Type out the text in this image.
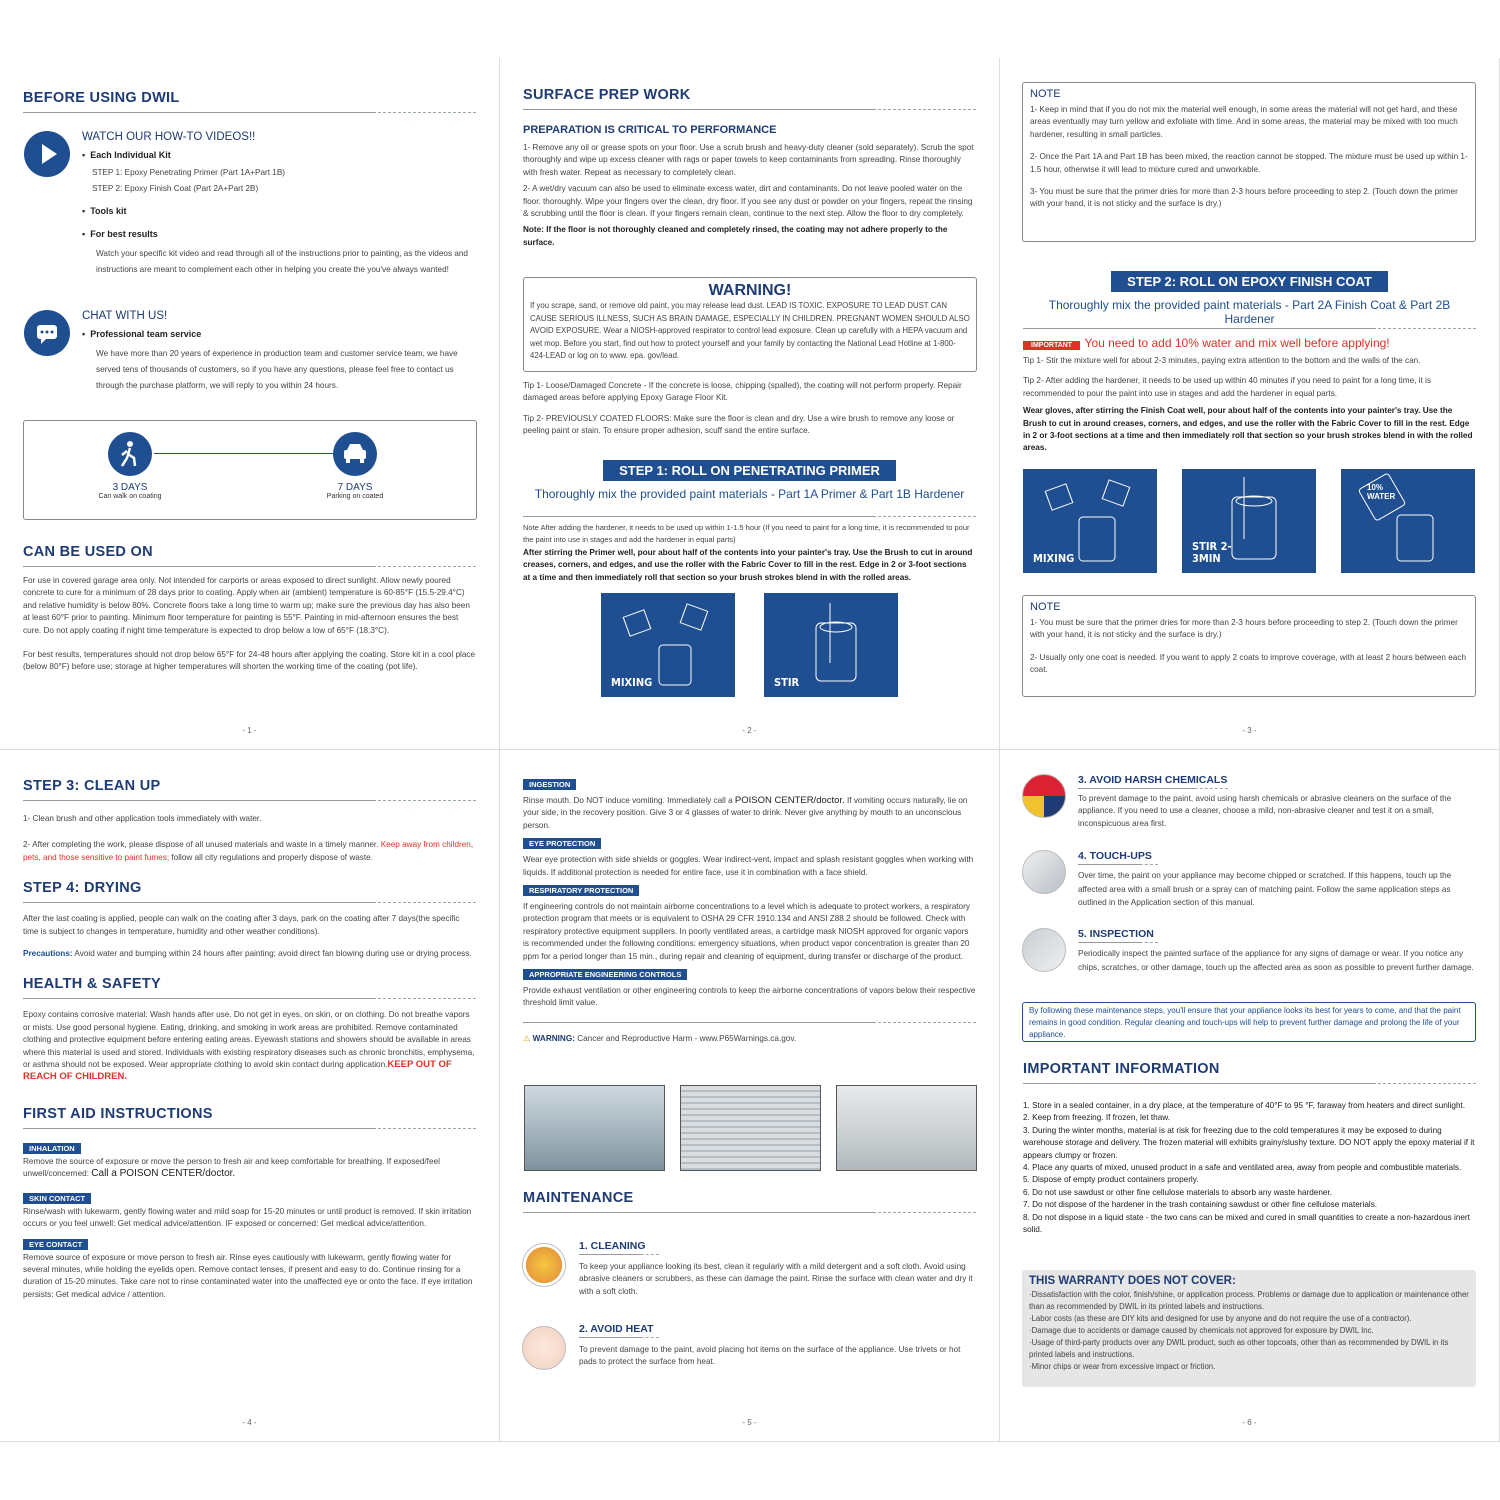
BEFORE USING DWIL
WATCH OUR HOW-TO VIDEOS!!
▪  Each Individual Kit
STEP 1: Epoxy Penetrating Primer (Part 1A+Part 1B)
STEP 2: Epoxy Finish Coat (Part 2A+Part 2B)
▪  Tools kit
▪  For best results
Watch your specific kit video and read through all of the instructions prior to painting, as the videos and instructions are meant to complement each other in helping you create the you've always wanted!
CHAT WITH US!
▪  Professional team service
We have more than 20 years of experience in production team and customer service team, we have served tens of thousands of customers, so if you have any questions, please feel free to contact us through the purchase platform, we will reply to you within 24 hours.
3 DAYS
Can walk on coating
7 DAYS
Parking on coated
CAN BE USED ON
For use in covered garage area only. Not intended for carports or areas exposed to direct sunlight. Allow newly poured concrete to cure for a minimum of 28 days prior to coating. Apply when air (ambient) temperature is 60-85°F (15.5-29.4°C) and relative humidity is below 80%. Concrete floors take a long time to warm up; make sure the previous day has also been at least 60°F prior to painting. Minimum floor temperature for painting is 55°F. Painting in mid-afternoon ensures the best cure. Do not apply coating if night time temperature is expected to drop below a low of 65°F (18.3°C).
For best results, temperatures should not drop below 65°F for 24-48 hours after applying the coating. Store kit in a cool place (below 80°F) before use; storage at higher temperatures will shorten the working time of the coating (pot life).
- 1 -
SURFACE PREP WORK
PREPARATION IS CRITICAL TO PERFORMANCE
1- Remove any oil or grease spots on your floor. Use a scrub brush and heavy-duty cleaner (sold separately). Scrub the spot thoroughly and wipe up excess cleaner with rags or paper towels to keep contaminants from spreading. Rinse thoroughly with fresh water. Repeat as necessary to completely clean.
2- A wet/dry vacuum can also be used to eliminate excess water, dirt and contaminants. Do not leave pooled water on the floor. thoroughly. Wipe your fingers over the clean, dry floor. If you see any dust or powder on your fingers, repeat the rinsing & scrubbing until the floor is clean. If your fingers remain clean, continue to the next step. Allow the floor to dry completely.
Note: If the floor is not thoroughly cleaned and completely rinsed, the coating may not adhere properly to the surface.
WARNING!
If you scrape, sand, or remove old paint, you may release lead dust. LEAD IS TOXIC. EXPOSURE TO LEAD DUST CAN CAUSE SERIOUS ILLNESS, SUCH AS BRAIN DAMAGE, ESPECIALLY IN CHILDREN. PREGNANT WOMEN SHOULD ALSO AVOID EXPOSURE. Wear a NIOSH-approved respirator to control lead exposure. Clean up carefully with a HEPA vacuum and wet mop. Before you start, find out how to protect yourself and your family by contacting the National Lead Hotline at 1-800-424-LEAD or log on to www. epa. gov/lead.
Tip 1- Loose/Damaged Concrete - If the concrete is loose, chipping (spalled), the coating will not perform properly. Repair damaged areas before applying Epoxy Garage Floor Kit.
Tip 2- PREVIOUSLY COATED FLOORS: Make sure the floor is clean and dry. Use a wire brush to remove any loose or peeling paint or stain. To ensure proper adhesion, scuff sand the entire surface.
STEP 1: ROLL ON PENETRATING PRIMER
Thoroughly mix the provided paint materials - Part 1A Primer & Part 1B Hardener
Note After adding the hardener, it needs to be used up within 1-1.5 hour (If you need to paint for a long time, it is recommended to pour the paint into use in stages and add the hardener in equal parts)
After stirring the Primer well, pour about half of the contents into your painter's tray. Use the Brush to cut in around creases, corners, and edges, and use the roller with the Fabric Cover to fill in the rest. Edge in 2 or 3-foot sections at a time and then immediately roll that section so your brush strokes blend in with the rolled areas.
MIXING	STIR
- 2 -
NOTE
1- Keep in mind that if you do not mix the material well enough, in some areas the material will not get hard, and these areas eventually may turn yellow and exfoliate with time. And in some areas, the material may be mixed with too much hardener, resulting in small particles.
2- Once the Part 1A and Part 1B has been mixed, the reaction cannot be stopped. The mixture must be used up within 1-1.5 hour, otherwise it will lead to mixture cured and unworkable.
3- You must be sure that the primer dries for more than 2-3 hours before proceeding to step 2. (Touch down the primer with your hand, it is not sticky and the surface is dry.)
STEP 2: ROLL ON EPOXY FINISH COAT
Thoroughly mix the provided paint materials - Part 2A Finish Coat & Part 2B Hardener
IMPORTANT You need to add 10% water and mix well before applying!
Tip 1- Stir the mixture well for about 2-3 minutes, paying extra attention to the bottom and the walls of the can.
Tip 2- After adding the hardener, it needs to be used up within 40 minutes if you need to paint for a long time, it is recommended to pour the paint into use in stages and add the hardener in equal parts.
Wear gloves, after stirring the Finish Coat well, pour about half of the contents into your painter's tray. Use the Brush to cut in around creases, corners, and edges, and use the roller with the Fabric Cover to fill in the rest. Edge in 2 or 3-foot sections at a time and then immediately roll that section so your brush strokes blend in with the rolled areas.
MIXING
STIR 2-3MIN
10% WATER
NOTE
1- You must be sure that the primer dries for more than 2-3 hours before proceeding to step 2. (Touch down the primer with your hand, it is not sticky and the surface is dry.)
2- Usually only one coat is needed. If you want to apply 2 coats to improve coverage, with at least 2 hours between each coat.
- 3 -
STEP 3: CLEAN UP
1- Clean brush and other application tools immediately with water.
2- After completing the work, please dispose of all unused materials and waste in a timely manner. Keep away from children, pets, and those sensitive to paint fumes; follow all city regulations and properly dispose of waste.
STEP 4: DRYING
After the last coating is applied, people can walk on the coating after 3 days, park on the coating after 7 days(the specific time is subject to changes in temperature, humidity and other weather conditions).
Precautions: Avoid water and bumping within 24 hours after painting; avoid direct fan blowing during use or drying process.
HEALTH & SAFETY
Epoxy contains corrosive material: Wash hands after use. Do not get in eyes, on skin, or on clothing. Do not breathe vapors or mists. Use good personal hygiene. Eating, drinking, and smoking in work areas are prohibited. Remove contaminated clothing and protective equipment before entering eating areas. Eyewash stations and showers should be available in areas where this material is used and stored. Individuals with existing respiratory diseases such as chronic bronchitis, emphysema, or asthma should not be exposed. Wear appropriate clothing to avoid skin contact during application.KEEP OUT OF REACH OF CHILDREN.
FIRST AID INSTRUCTIONS
INHALATION
Remove the source of exposure or move the person to fresh air and keep comfortable for breathing. If exposed/feel unwell/concerned: Call a POISON CENTER/doctor.
SKIN CONTACT
Rinse/wash with lukewarm, gently flowing water and mild soap for 15-20 minutes or until product is removed. If skin irritation occurs or you feel unwell: Get medical advice/attention. IF exposed or concerned: Get medical advice/attention.
EYE CONTACT
Remove source of exposure or move person to fresh air. Rinse eyes cautiously with lukewarm, gently flowing water for several minutes, while holding the eyelids open. Remove contact lenses, if present and easy to do. Continue rinsing for a duration of 15-20 minutes. Take care not to rinse contaminated water into the unaffected eye or onto the face. If eye irritation persists: Get medical advice / attention.
- 4 -
INGESTION
Rinse mouth. Do NOT induce vomiting. Immediately call a POISON CENTER/doctor. If vomiting occurs naturally, lie on your side, in the recovery position. Give 3 or 4 glasses of water to drink. Never give anything by mouth to an unconscious person.
EYE PROTECTION
Wear eye protection with side shields or goggles. Wear indirect-vent, impact and splash resistant goggles when working with liquids. If additional protection is needed for entire face, use it in combination with a face shield.
RESPIRATORY PROTECTION
If engineering controls do not maintain airborne concentrations to a level which is adequate to protect workers, a respiratory protection program that meets or is equivalent to OSHA 29 CFR 1910.134 and ANSI Z88.2 should be followed. Check with respiratory protective equipment suppliers. In poorly ventilated areas, a cartridge mask NIOSH approved for organic vapors is recommended under the following conditions: emergency situations, when product vapor concentration is greater than 20 ppm for a period longer than 15 min., during repair and cleaning of equipment, during transfer or discharge of the product.
APPROPRIATE ENGINEERING CONTROLS
Provide exhaust ventilation or other engineering controls to keep the airborne concentrations of vapors below their respective threshold limit value.
⚠ WARNING: Cancer and Reproductive Harm - www.P65Warnings.ca.gov.
MAINTENANCE
1. CLEANING
To keep your appliance looking its best, clean it regularly with a mild detergent and a soft cloth. Avoid using abrasive cleaners or scrubbers, as these can damage the paint. Rinse the surface with clean water and dry it with a soft cloth.
2. AVOID HEAT
To prevent damage to the paint, avoid placing hot items on the surface of the appliance. Use trivets or hot pads to protect the surface from heat.
- 5 -
3. AVOID HARSH CHEMICALS
To prevent damage to the paint, avoid using harsh chemicals or abrasive cleaners on the surface of the appliance. If you need to use a cleaner, choose a mild, non-abrasive cleaner and test it on a small, inconspicuous area first.
4. TOUCH-UPS
Over time, the paint on your appliance may become chipped or scratched. If this happens, touch up the affected area with a small brush or a spray can of matching paint. Follow the same application steps as outlined in the Application section of this manual.
5. INSPECTION
Periodically inspect the painted surface of the appliance for any signs of damage or wear. If you notice any chips, scratches, or other damage, touch up the affected area as soon as possible to prevent further damage.
By following these maintenance steps, you'll ensure that your appliance looks its best for years to come, and that the paint remains in good condition. Regular cleaning and touch-ups will help to prevent further damage and prolong the life of your appliance.
IMPORTANT INFORMATION
1. Store in a sealed container, in a dry place, at the temperature of 40°F to 95 °F, faraway from heaters and direct sunlight.
2. Keep from freezing. If frozen, let thaw.
3. During the winter months, material is at risk for freezing due to the cold temperatures it may be exposed to during warehouse storage and delivery. The frozen material will exhibits grainy/slushy texture. DO NOT apply the epoxy material if it appears clumpy or frozen.
4. Place any quarts of mixed, unused product in a safe and ventilated area, away from people and combustible materials.
5. Dispose of empty product containers properly.
6. Do not use sawdust or other fine cellulose materials to absorb any waste hardener.
7. Do not dispose of the hardener in the trash containing sawdust or other fine cellulose materials.
8. Do not dispose in a liquid state - the two cans can be mixed and cured in small quantities to create a non-hazardous inert solid.
THIS WARRANTY DOES NOT COVER:
·Dissatisfaction with the color, finish/shine, or application process. Problems or damage due to application or maintenance other than as recommended by DWIL in its printed labels and instructions.
·Labor costs (as these are DIY kits and designed for use by anyone and do not require the use of a contractor).
·Damage due to accidents or damage caused by chemicals not approved for exposure by DWIL Inc.
·Usage of third-party products over any DWIL product, such as other topcoats, other than as recommended by DWIL in its printed labels and instructions.
·Minor chips or wear from excessive impact or friction.
- 6 -
